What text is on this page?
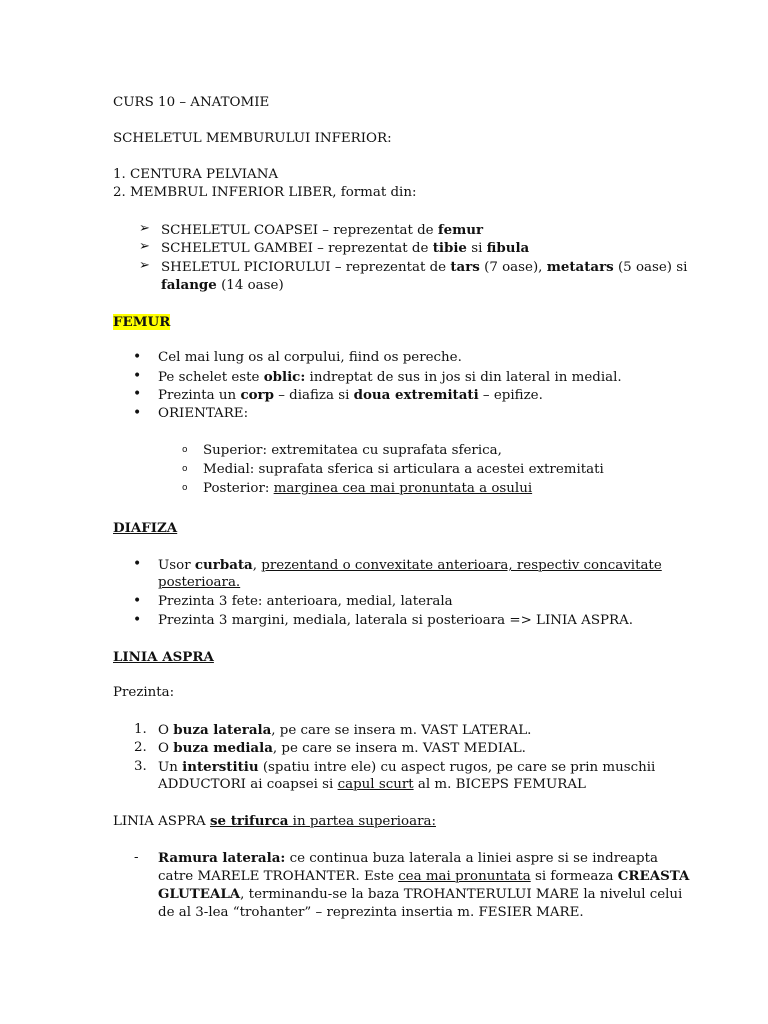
CURS 10 – ANATOMIE
SCHELETUL MEMBURULUI INFERIOR:
1. CENTURA PELVIANA
2. MEMBRUL INFERIOR LIBER, format din:
➢ SCHELETUL COAPSEI – reprezentat de femur
➢ SCHELETUL GAMBEI – reprezentat de tibie si fibula
➢ SHELETUL PICIORULUI – reprezentat de tars (7 oase), metatars (5 oase) si
falange (14 oase)
FEMUR
• Cel mai lung os al corpului, fiind os pereche.
• Pe schelet este oblic: indreptat de sus in jos si din lateral in medial.
• Prezinta un corp – diafiza si doua extremitati – epifize.
• ORIENTARE:
o Superior: extremitatea cu suprafata sferica,
o Medial: suprafata sferica si articulara a acestei extremitati
o Posterior: marginea cea mai pronuntata a osului
DIAFIZA
• Usor curbata, prezentand o convexitate anterioara, respectiv concavitate
posterioara.
• Prezinta 3 fete: anterioara, medial, laterala
• Prezinta 3 margini, mediala, laterala si posterioara => LINIA ASPRA.
LINIA ASPRA
Prezinta:
1. O buza laterala, pe care se insera m. VAST LATERAL.
2. O buza mediala, pe care se insera m. VAST MEDIAL.
3. Un interstitiu (spatiu intre ele) cu aspect rugos, pe care se prin muschii
ADDUCTORI ai coapsei si capul scurt al m. BICEPS FEMURAL
LINIA ASPRA se trifurca in partea superioara:
- Ramura laterala: ce continua buza laterala a liniei aspre si se indreapta
catre MARELE TROHANTER. Este cea mai pronuntata si formeaza CREASTA
GLUTEALA, terminandu-se la baza TROHANTERULUI MARE la nivelul celui
de al 3-lea “trohanter” – reprezinta insertia m. FESIER MARE.
